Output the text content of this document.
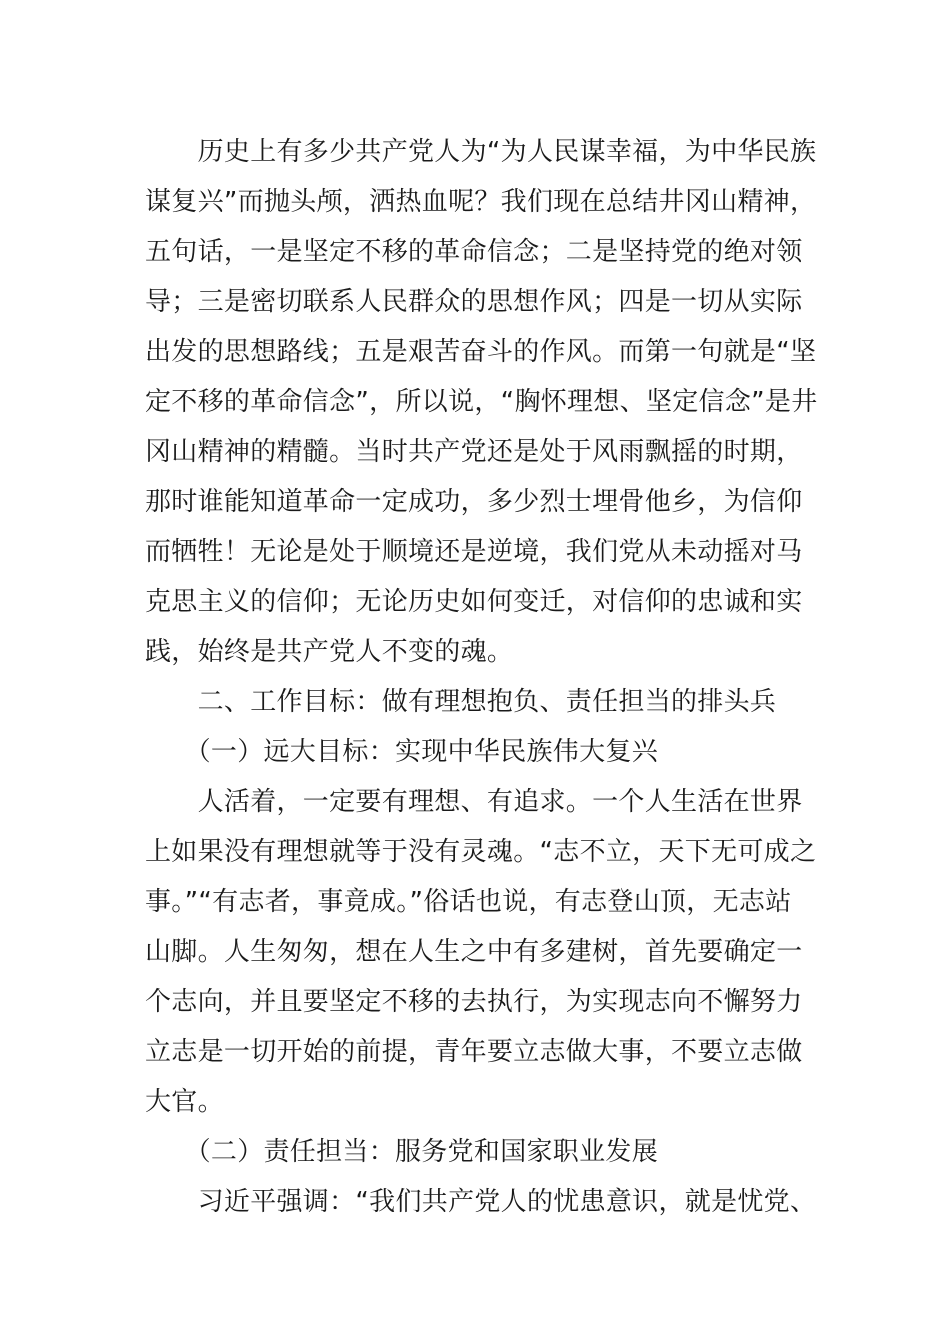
　　历史上有多少共产党人为“为人民谋幸福，为中华民族
谋复兴”而抛头颅，洒热血呢？我们现在总结井冈山精神，
五句话，一是坚定不移的革命信念；二是坚持党的绝对领
导；三是密切联系人民群众的思想作风；四是一切从实际
出发的思想路线；五是艰苦奋斗的作风。而第一句就是“坚
定不移的革命信念”，所以说，“胸怀理想、坚定信念”是井
冈山精神的精髓。当时共产党还是处于风雨飘摇的时期，
那时谁能知道革命一定成功，多少烈士埋骨他乡，为信仰
而牺牲！无论是处于顺境还是逆境，我们党从未动摇对马
克思主义的信仰；无论历史如何变迁，对信仰的忠诚和实
践，始终是共产党人不变的魂。
　　二、工作目标：做有理想抱负、责任担当的排头兵
　　（一）远大目标：实现中华民族伟大复兴
　　人活着，一定要有理想、有追求。一个人生活在世界
上如果没有理想就等于没有灵魂。“志不立，天下无可成之
事。”“有志者，事竟成。”俗话也说，有志登山顶，无志站
山脚。人生匆匆，想在人生之中有多建树，首先要确定一
个志向，并且要坚定不移的去执行，为实现志向不懈努力
立志是一切开始的前提，青年要立志做大事，不要立志做
大官。
　　（二）责任担当：服务党和国家职业发展
　　习近平强调：“我们共产党人的忧患意识，就是忧党、
